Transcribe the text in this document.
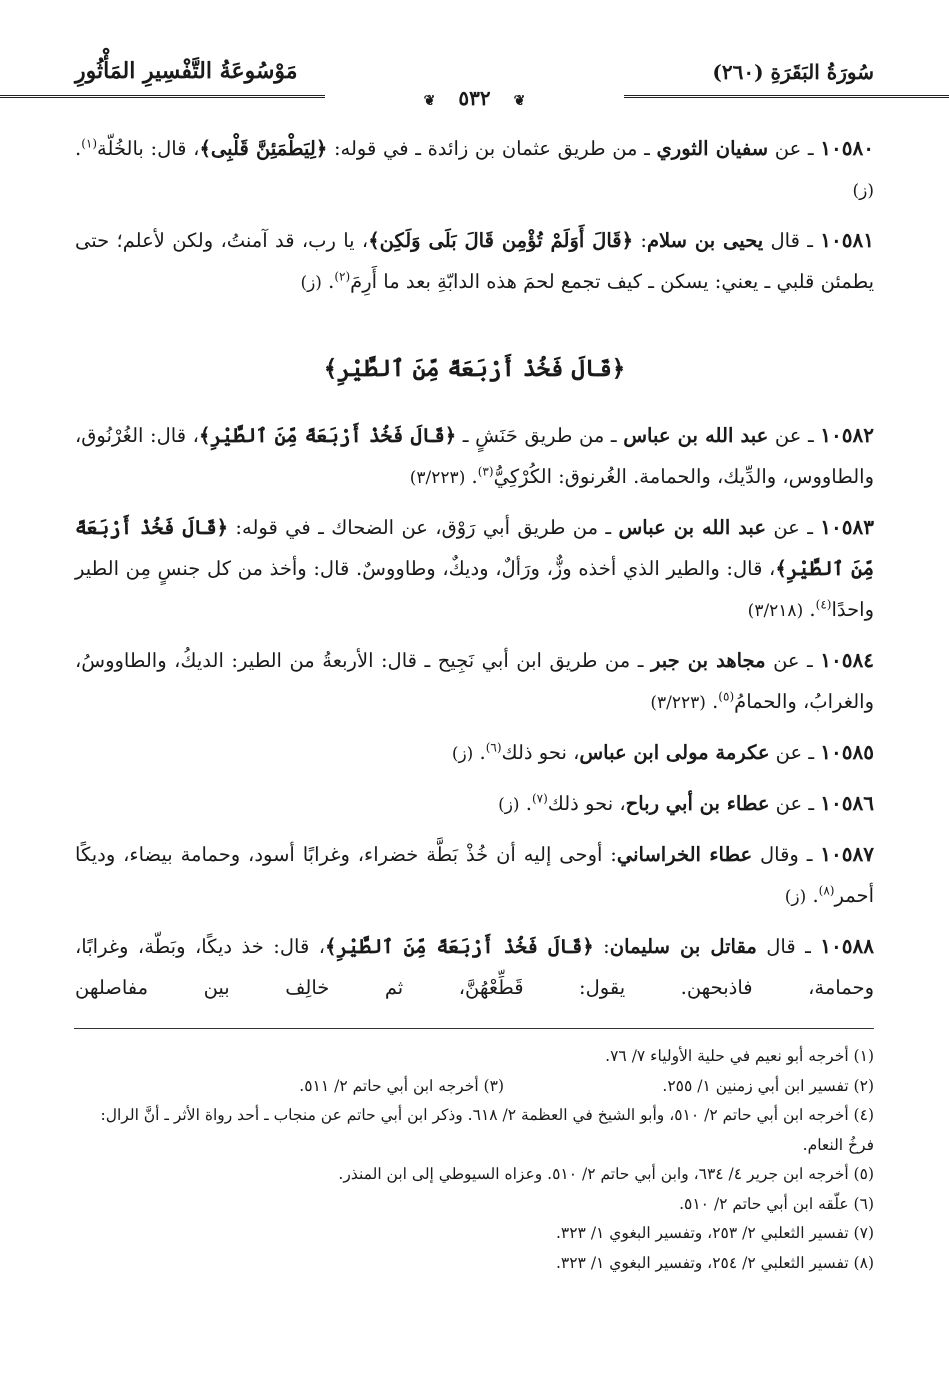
مَوْسُوعَةُ التَّفْسِيرِ المَأْثُورِ	سُورَةُ البَقَرَةِ (٢٦٠)
❦ ٥٣٢ ❦

١٠٥٨٠ ـ عن سفيان الثوري ـ من طريق عثمان بن زائدة ـ في قوله: ﴿لِيَطْمَئِنَّ قَلْبِى﴾، قال: بالخُلّة$^{(١)}$. (ز)

١٠٥٨١ ـ قال يحيى بن سلام: ﴿قَالَ أَوَلَمْ تُؤْمِن قَالَ بَلَى وَلَكِن﴾، يا رب، قد آمنتُ، ولكن لأعلم؛ حتى يطمئن قلبي ـ يعني: يسكن ـ كيف تجمع لحمَ هذه الدابّةِ بعد ما أَرِمَ$^{(٢)}$. (ز)

﴿قَالَ فَخُذْ أَرْبَعَةً مِّنَ ٱلطَّيْرِ﴾

١٠٥٨٢ ـ عن عبد الله بن عباس ـ من طريق حَنَشٍ ـ ﴿قَالَ فَخُذْ أَرْبَعَةً مِّنَ ٱلطَّيْرِ﴾، قال: الغُرْنُوق، والطاووس، والدِّيك، والحمامة. الغُرنوق: الكُرْكِيُّ$^{(٣)}$. (٣/٢٢٣)

١٠٥٨٣ ـ عن عبد الله بن عباس ـ من طريق أبي رَوْق، عن الضحاك ـ في قوله: ﴿قَالَ فَخُذْ أَرْبَعَةً مِّنَ ٱلطَّيْرِ﴾، قال: والطير الذي أخذه وزٌّ، ورَألٌ، وديكٌ، وطاووسٌ. قال: وأخذ من كل جنسٍ مِن الطير واحدًا$^{(٤)}$. (٣/٢١٨)

١٠٥٨٤ ـ عن مجاهد بن جبر ـ من طريق ابن أبي نَجِيح ـ قال: الأربعةُ من الطير: الديكُ، والطاووسُ، والغرابُ، والحمامُ$^{(٥)}$. (٣/٢٢٣)

١٠٥٨٥ ـ عن عكرمة مولى ابن عباس، نحو ذلك$^{(٦)}$. (ز)

١٠٥٨٦ ـ عن عطاء بن أبي رباح، نحو ذلك$^{(٧)}$. (ز)

١٠٥٨٧ ـ وقال عطاء الخراساني: أوحى إليه أن خُذْ بَطَّة خضراء، وغرابًا أسود، وحمامة بيضاء، وديكًا أحمر$^{(٨)}$. (ز)

١٠٥٨٨ ـ قال مقاتل بن سليمان: ﴿قَالَ فَخُذْ أَرْبَعَةً مِّنَ ٱلطَّيْرِ﴾، قال: خذ ديكًا، وبَطّة، وغرابًا، وحمامة، فاذبحهن. يقول: قَطِّعْهُنَّ، ثم خالِف بين مفاصلهن

(١) أخرجه أبو نعيم في حلية الأولياء ٧/ ٧٦.

(٢) تفسير ابن أبي زمنين ١/ ٢٥٥.

(٣) أخرجه ابن أبي حاتم ٢/ ٥١١.

(٤) أخرجه ابن أبي حاتم ٢/ ٥١٠، وأبو الشيخ في العظمة ٢/ ٦١٨. وذكر ابن أبي حاتم عن منجاب ـ أحد رواة الأثر ـ أنَّ الرال: فرخُ النعام.

(٥) أخرجه ابن جرير ٤/ ٦٣٤، وابن أبي حاتم ٢/ ٥١٠. وعزاه السيوطي إلى ابن المنذر.

(٦) علّقه ابن أبي حاتم ٢/ ٥١٠.

(٧) تفسير الثعلبي ٢/ ٢٥٣، وتفسير البغوي ١/ ٣٢٣.

(٨) تفسير الثعلبي ٢/ ٢٥٤، وتفسير البغوي ١/ ٣٢٣.
